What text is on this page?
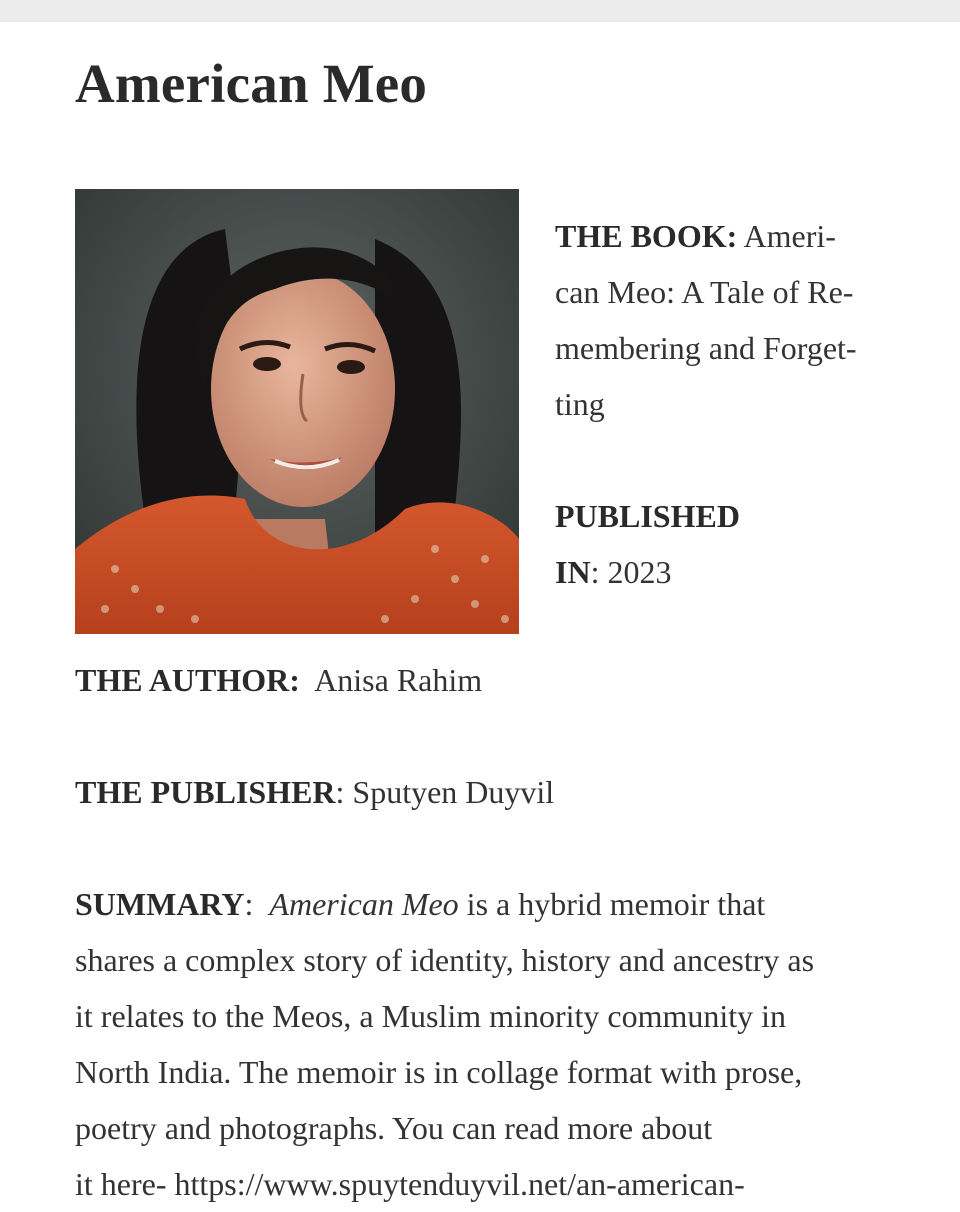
American Meo

THE BOOK: Ameri-
can Meo: A Tale of Re-
membering and Forget-
ting

PUBLISHED
IN: 2023

THE AUTHOR: Anisa Rahim

THE PUBLISHER: Sputyen Duyvil

SUMMARY: American Meo is a hybrid memoir that
shares a complex story of identity, history and ancestry as
it relates to the Meos, a Muslim minority community in
North India. The memoir is in collage format with prose,
poetry and photographs. You can read more about
it here- https://www.spuytenduyvil.net/an-american-
